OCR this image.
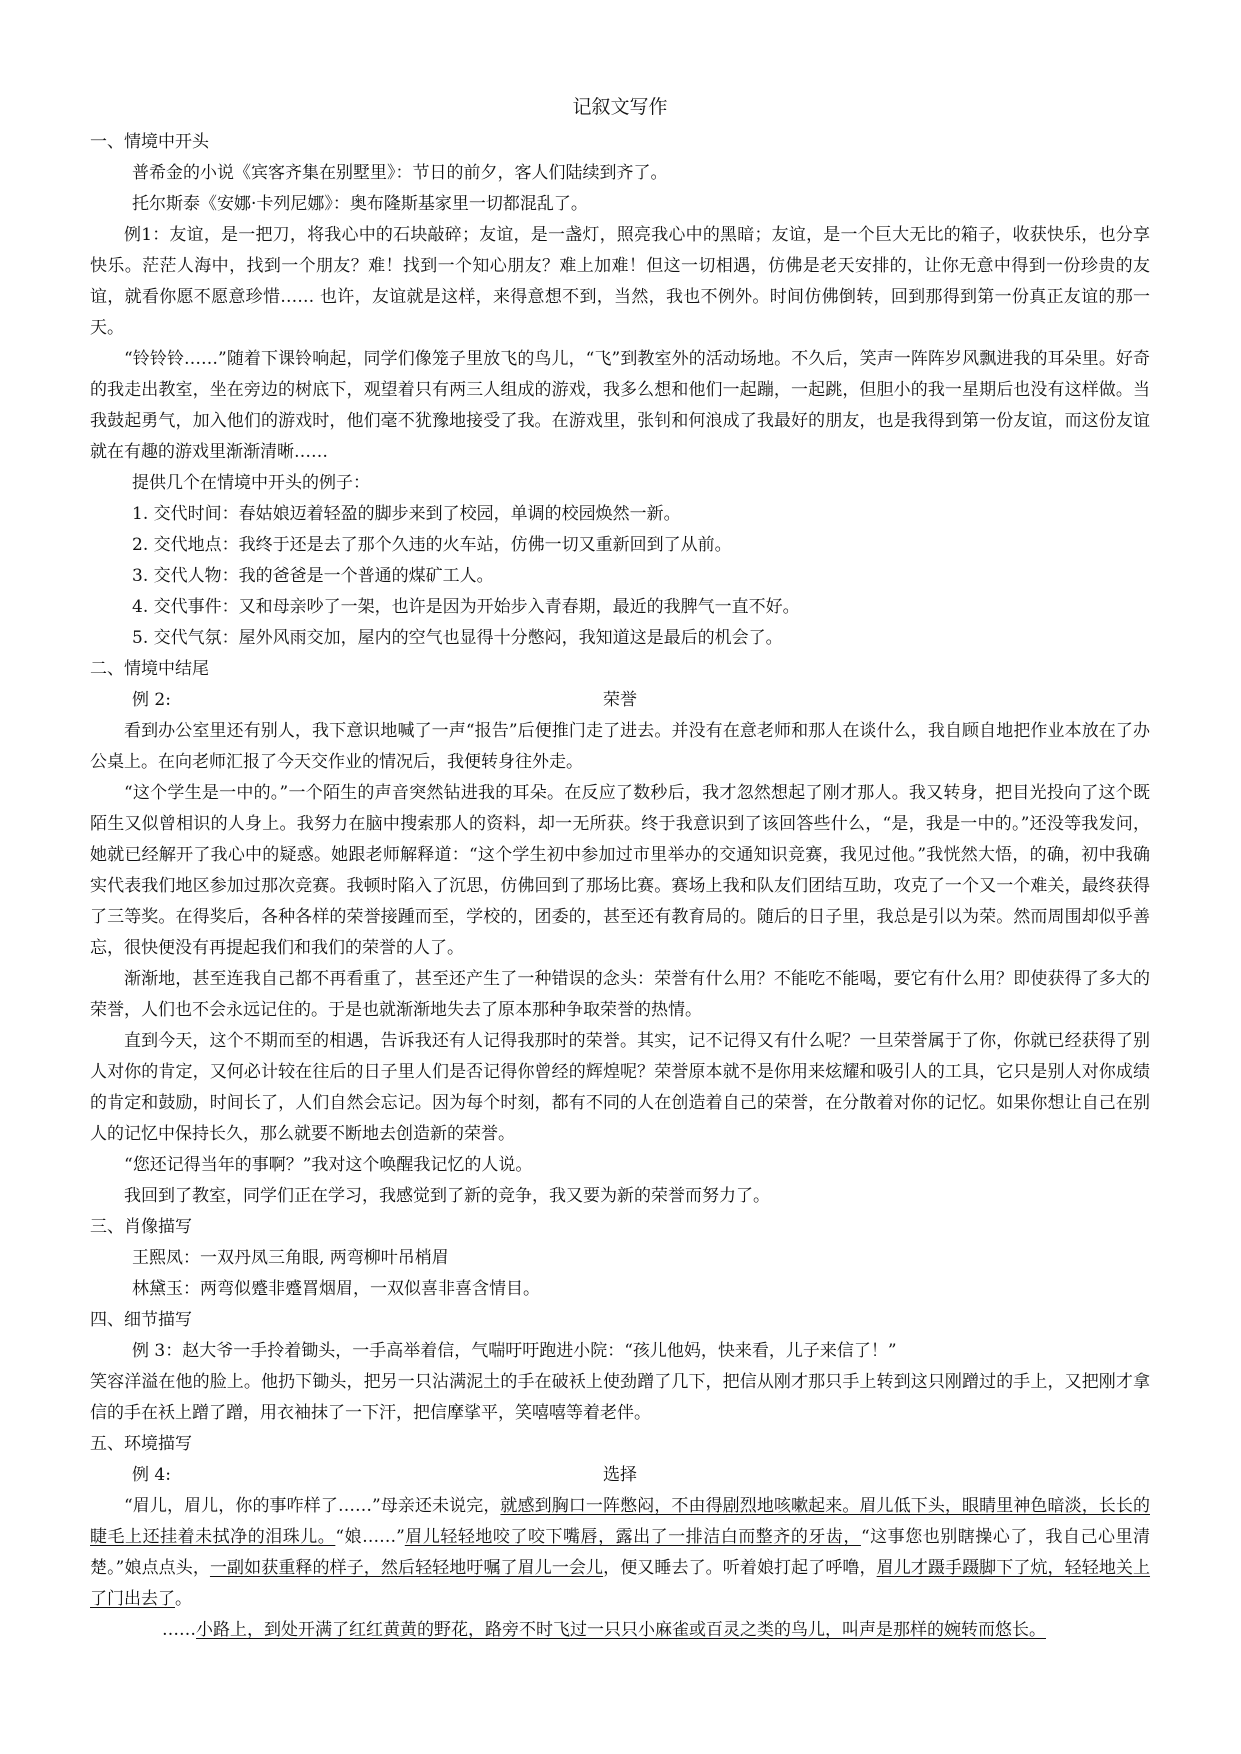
记叙文写作

一、情境中开头

普希金的小说《宾客齐集在别墅里》：节日的前夕，客人们陆续到齐了。

托尔斯泰《安娜·卡列尼娜》：奥布隆斯基家里一切都混乱了。

例1：友谊，是一把刀，将我心中的石块敲碎；友谊，是一盏灯，照亮我心中的黑暗；友谊，是一个巨大无比的箱子，收获快乐，也分享快乐。茫茫人海中，找到一个朋友？难！找到一个知心朋友？难上加难！但这一切相遇，仿佛是老天安排的，让你无意中得到一份珍贵的友谊，就看你愿不愿意珍惜…… 也许，友谊就是这样，来得意想不到，当然，我也不例外。时间仿佛倒转，回到那得到第一份真正友谊的那一天。

“铃铃铃……”随着下课铃响起，同学们像笼子里放飞的鸟儿，“飞”到教室外的活动场地。不久后，笑声一阵阵岁风飘进我的耳朵里。好奇的我走出教室，坐在旁边的树底下，观望着只有两三人组成的游戏，我多么想和他们一起蹦，一起跳，但胆小的我一星期后也没有这样做。当我鼓起勇气，加入他们的游戏时，他们毫不犹豫地接受了我。在游戏里，张钊和何浪成了我最好的朋友，也是我得到第一份友谊，而这份友谊就在有趣的游戏里渐渐清晰……

提供几个在情境中开头的例子：

1. 交代时间：春姑娘迈着轻盈的脚步来到了校园，单调的校园焕然一新。

2. 交代地点：我终于还是去了那个久违的火车站，仿佛一切又重新回到了从前。

3. 交代人物：我的爸爸是一个普通的煤矿工人。

4. 交代事件：又和母亲吵了一架，也许是因为开始步入青春期，最近的我脾气一直不好。

5. 交代气氛：屋外风雨交加，屋内的空气也显得十分憋闷，我知道这是最后的机会了。

二、情境中结尾

例 2:	荣誉

看到办公室里还有别人，我下意识地喊了一声“报告”后便推门走了进去。并没有在意老师和那人在谈什么，我自顾自地把作业本放在了办公桌上。在向老师汇报了今天交作业的情况后，我便转身往外走。

“这个学生是一中的。”一个陌生的声音突然钻进我的耳朵。在反应了数秒后，我才忽然想起了刚才那人。我又转身，把目光投向了这个既陌生又似曾相识的人身上。我努力在脑中搜索那人的资料，却一无所获。终于我意识到了该回答些什么，“是，我是一中的。”还没等我发问，她就已经解开了我心中的疑惑。她跟老师解释道：“这个学生初中参加过市里举办的交通知识竞赛，我见过他。”我恍然大悟，的确，初中我确实代表我们地区参加过那次竞赛。我顿时陷入了沉思，仿佛回到了那场比赛。赛场上我和队友们团结互助，攻克了一个又一个难关，最终获得了三等奖。在得奖后，各种各样的荣誉接踵而至，学校的，团委的，甚至还有教育局的。随后的日子里，我总是引以为荣。然而周围却似乎善忘，很快便没有再提起我们和我们的荣誉的人了。

渐渐地，甚至连我自己都不再看重了，甚至还产生了一种错误的念头：荣誉有什么用？不能吃不能喝，要它有什么用？即使获得了多大的荣誉，人们也不会永远记住的。于是也就渐渐地失去了原本那种争取荣誉的热情。

直到今天，这个不期而至的相遇，告诉我还有人记得我那时的荣誉。其实，记不记得又有什么呢？一旦荣誉属于了你，你就已经获得了别人对你的肯定，又何必计较在往后的日子里人们是否记得你曾经的辉煌呢？荣誉原本就不是你用来炫耀和吸引人的工具，它只是别人对你成绩的肯定和鼓励，时间长了，人们自然会忘记。因为每个时刻，都有不同的人在创造着自己的荣誉，在分散着对你的记忆。如果你想让自己在别人的记忆中保持长久，那么就要不断地去创造新的荣誉。

“您还记得当年的事啊？”我对这个唤醒我记忆的人说。

我回到了教室，同学们正在学习，我感觉到了新的竞争，我又要为新的荣誉而努力了。

三、肖像描写

王熙凤：一双丹凤三角眼, 两弯柳叶吊梢眉

林黛玉：两弯似蹙非蹙罥烟眉，一双似喜非喜含情目。

四、细节描写

例 3：赵大爷一手拎着锄头，一手高举着信，气喘吁吁跑进小院：“孩儿他妈，快来看，儿子来信了！”

笑容洋溢在他的脸上。他扔下锄头，把另一只沾满泥土的手在破袄上使劲蹭了几下，把信从刚才那只手上转到这只刚蹭过的手上，又把刚才拿信的手在袄上蹭了蹭，用衣袖抹了一下汗，把信摩挲平，笑嘻嘻等着老伴。

五、环境描写

例 4:	选择

“眉儿，眉儿，你的事咋样了……”母亲还未说完，就感到胸口一阵憋闷，不由得剧烈地咳嗽起来。眉儿低下头，眼睛里神色暗淡，长长的睫毛上还挂着未拭净的泪珠儿。“娘……”眉儿轻轻地咬了咬下嘴唇，露出了一排洁白而整齐的牙齿，“这事您也别瞎操心了，我自己心里清楚。”娘点点头，一副如获重释的样子，然后轻轻地吁嘱了眉儿一会儿，便又睡去了。听着娘打起了呼噜，眉儿才蹑手蹑脚下了炕，轻轻地关上了门出去了。

……小路上，到处开满了红红黄黄的野花，路旁不时飞过一只只小麻雀或百灵之类的鸟儿，叫声是那样的婉转而悠长。
